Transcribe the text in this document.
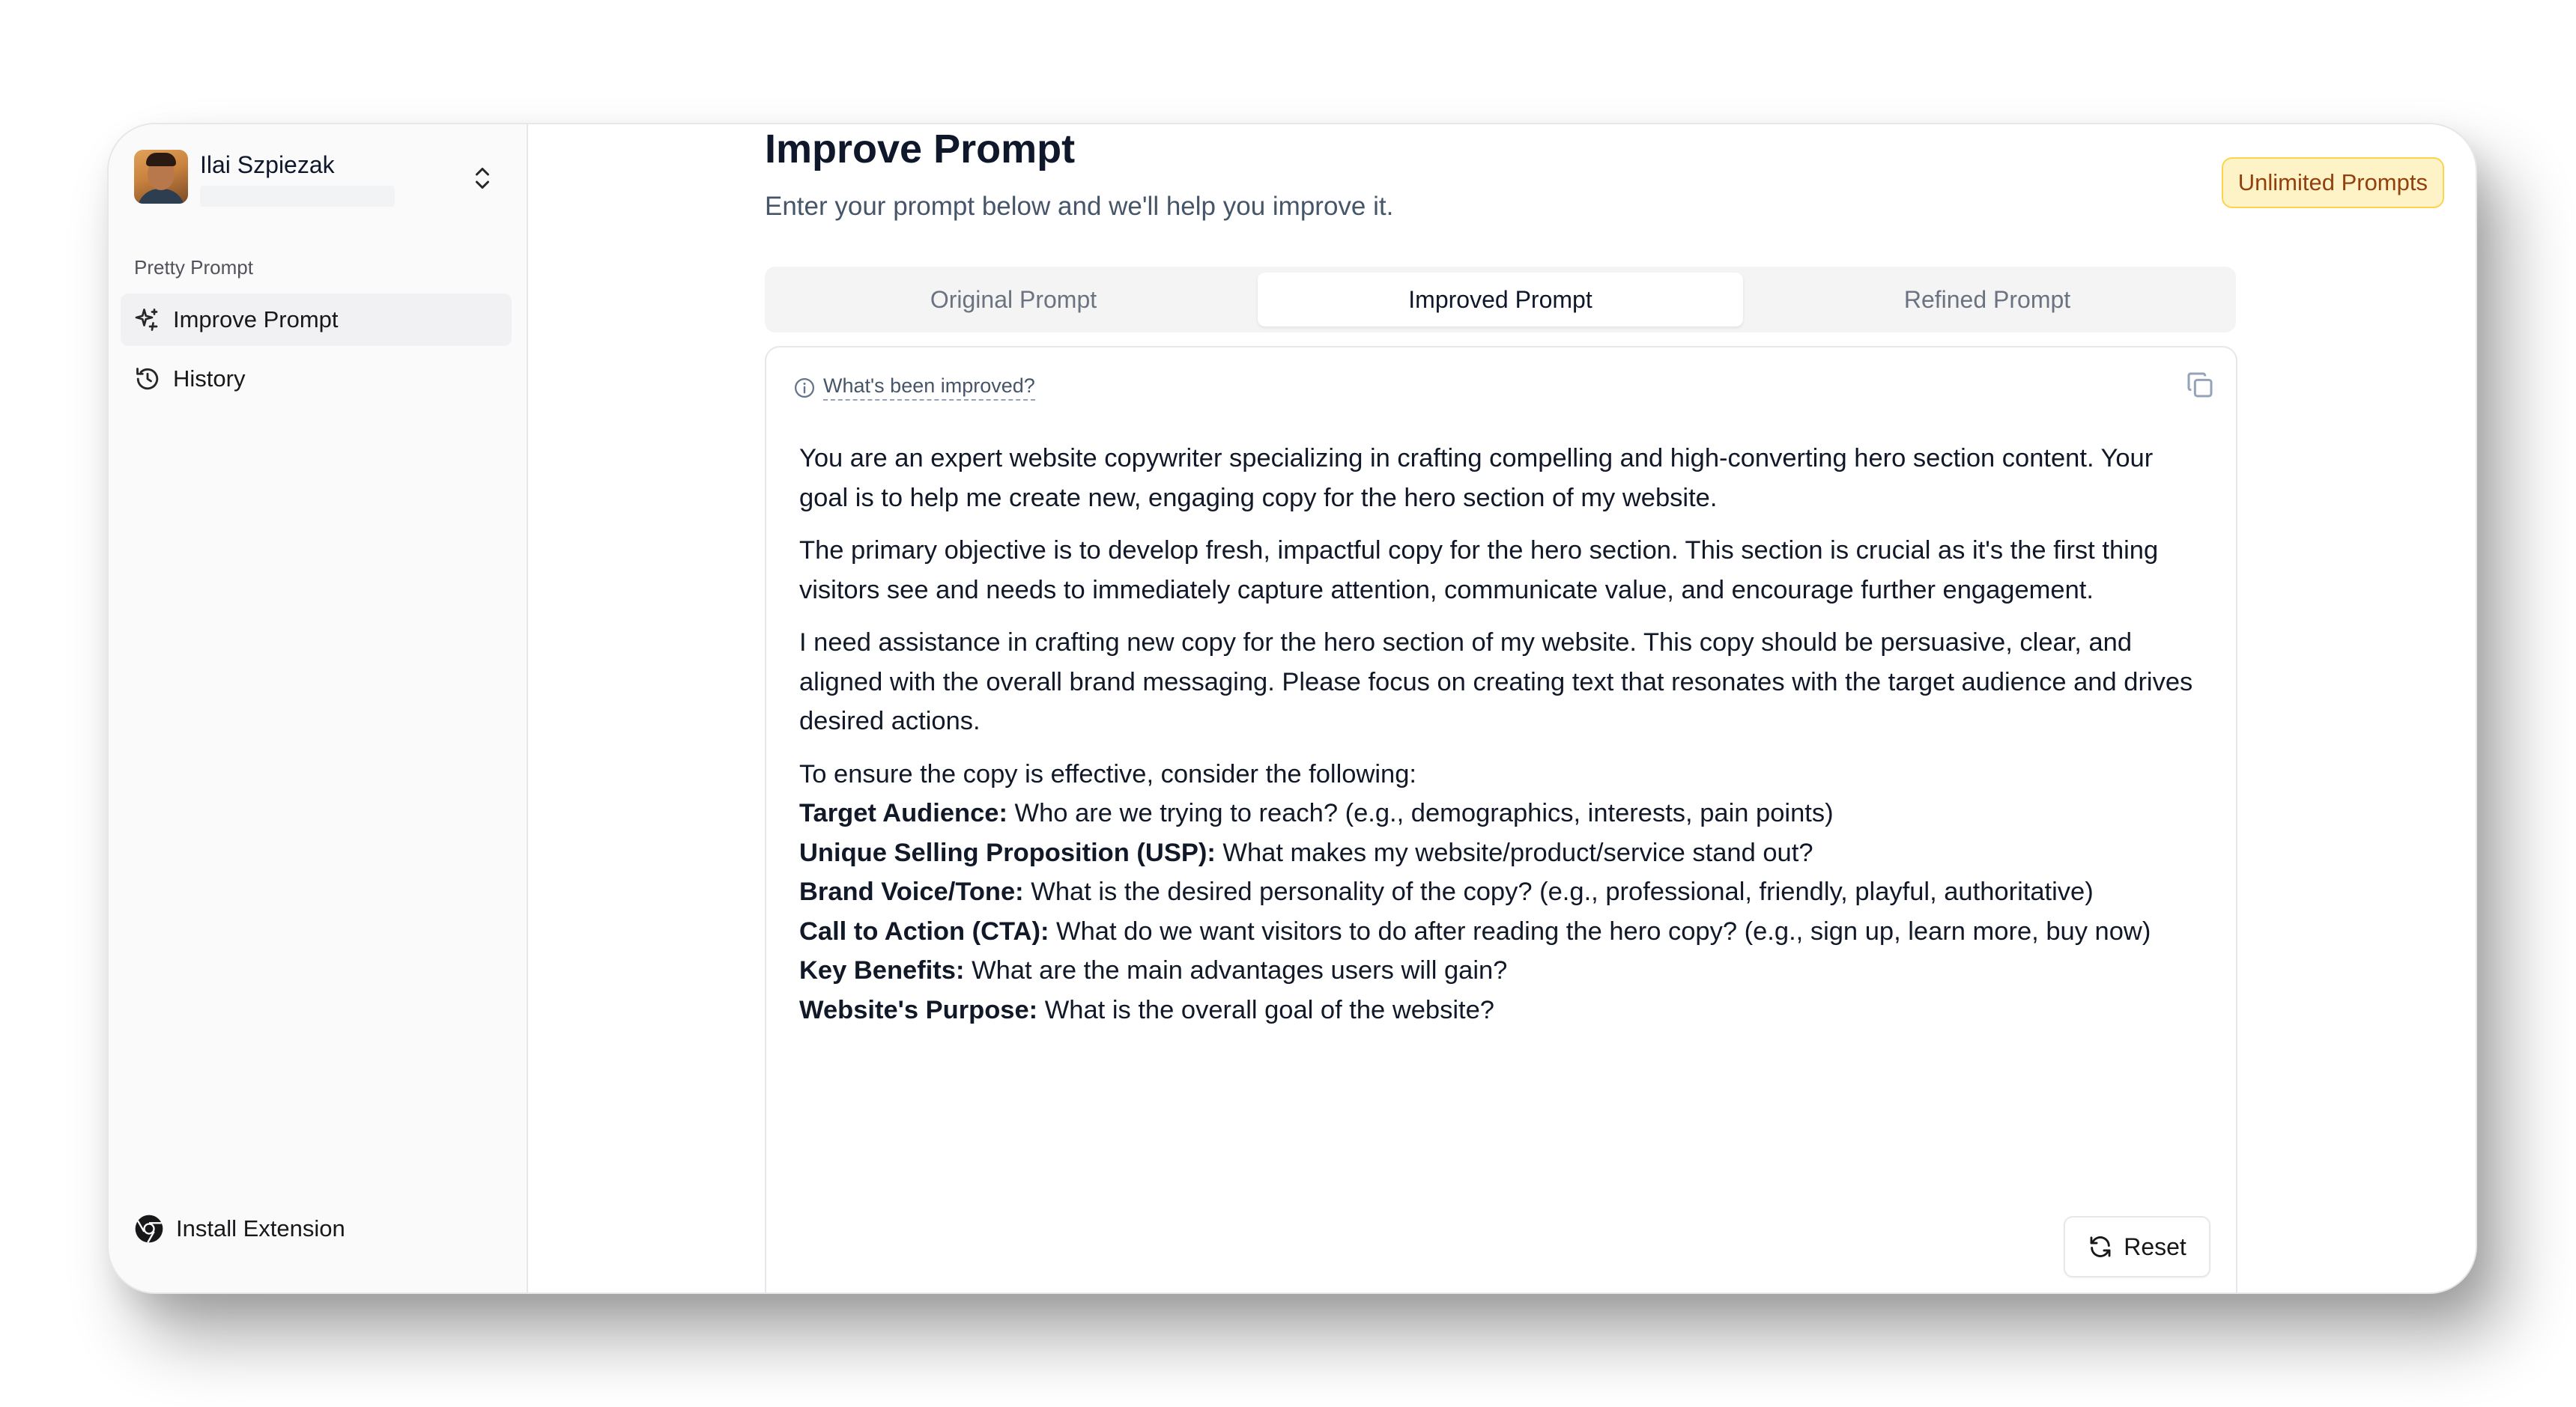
Ilai Szpiezak
Pretty Prompt
Improve Prompt
History
Install Extension
Improve Prompt
Enter your prompt below and we'll help you improve it.
Unlimited Prompts
Original Prompt	Improved Prompt	Refined Prompt
What's been improved?

You are an expert website copywriter specializing in crafting compelling and high-converting hero section content. Your goal is to help me create new, engaging copy for the hero section of my website.

The primary objective is to develop fresh, impactful copy for the hero section. This section is crucial as it's the first thing visitors see and needs to immediately capture attention, communicate value, and encourage further engagement.

I need assistance in crafting new copy for the hero section of my website. This copy should be persuasive, clear, and aligned with the overall brand messaging. Please focus on creating text that resonates with the target audience and drives desired actions.

To ensure the copy is effective, consider the following:
Target Audience: Who are we trying to reach? (e.g., demographics, interests, pain points)
Unique Selling Proposition (USP): What makes my website/product/service stand out?
Brand Voice/Tone: What is the desired personality of the copy? (e.g., professional, friendly, playful, authoritative)
Call to Action (CTA): What do we want visitors to do after reading the hero copy? (e.g., sign up, learn more, buy now)
Key Benefits: What are the main advantages users will gain?
Website's Purpose: What is the overall goal of the website?
Reset
